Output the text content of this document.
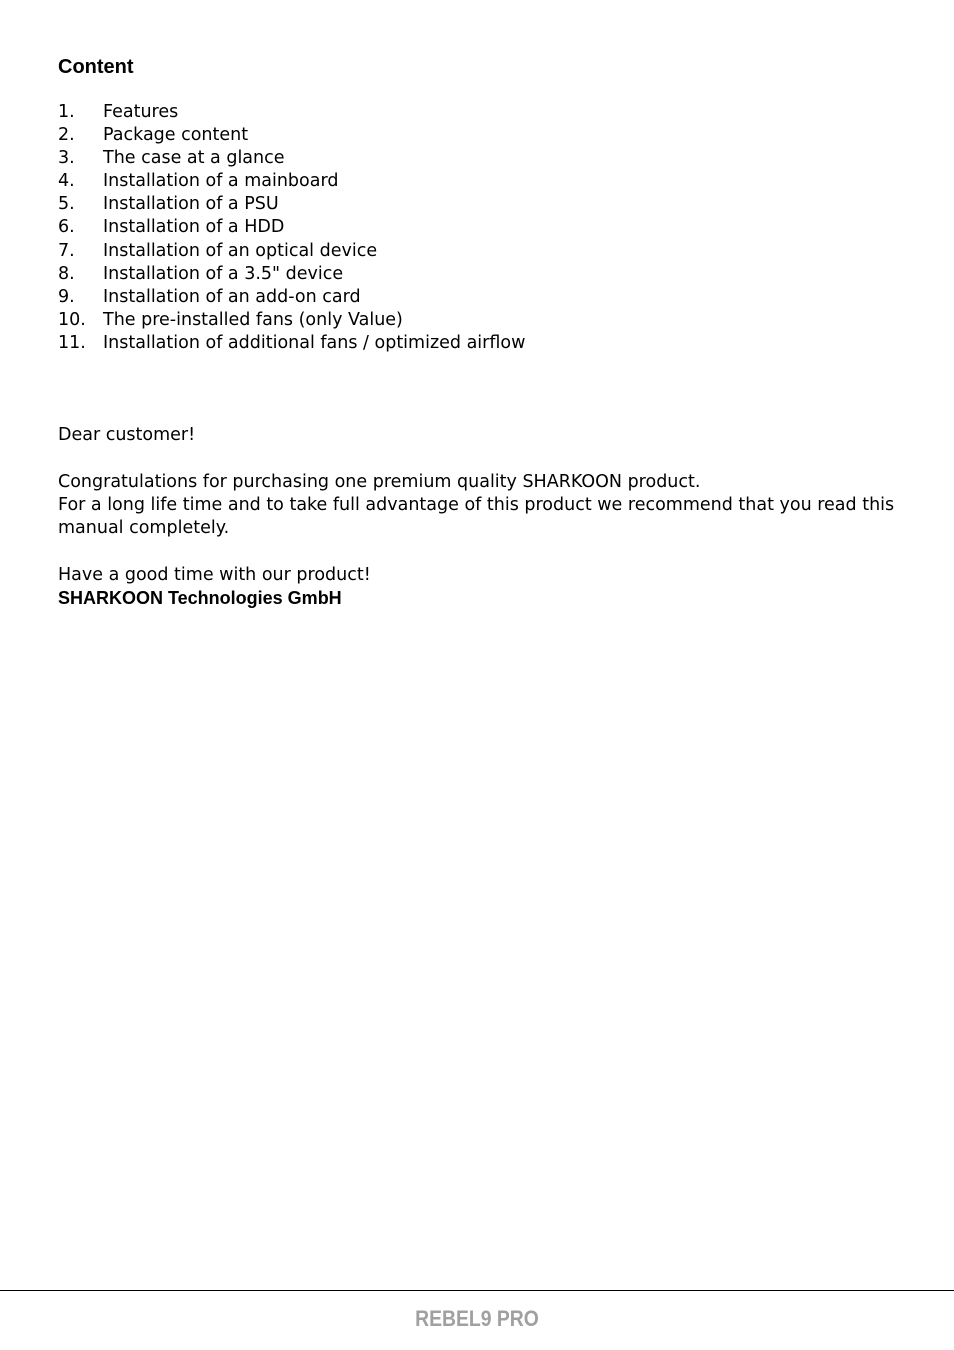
Content
1.	Features
2.	Package content
3.	The case at a glance
4.	Installation of a mainboard
5.	Installation of a PSU
6.	Installation of a HDD
7.	Installation of an optical device
8.	Installation of a 3.5" device
9.	Installation of an add-on card
10. The pre-installed fans (only Value)
11. Installation of additional fans / optimized airflow

Dear customer!

Congratulations for purchasing one premium quality SHARKOON product.

For a long life time and to take full advantage of this product we recommend that you read this manual completely.

Have a good time with our product!

SHARKOON Technologies GmbH

REBEL9 PRO
